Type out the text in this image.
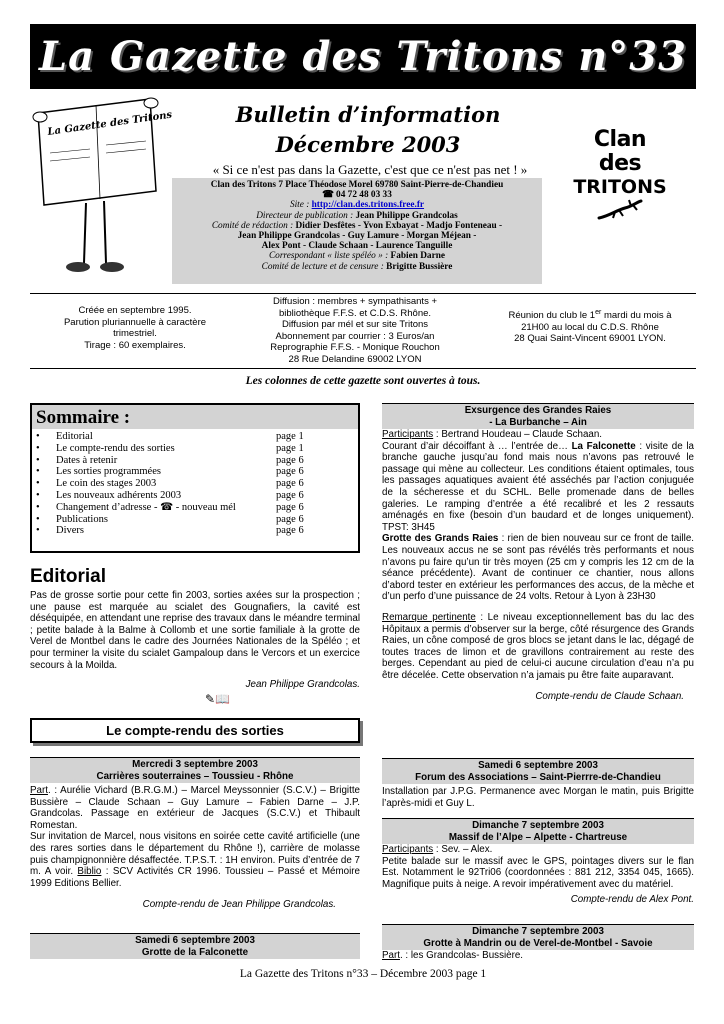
La Gazette des Tritons n°33
La Gazette des Tritons	Bulletin d’information
Décembre 2003
« Si ce n'est pas dans la Gazette, c'est que ce n'est pas net ! »
Clan des
TRITONS
Clan des Tritons 7 Place Théodose Morel 69780 Saint-Pierre-de-Chandieu
☎ 04 72 48 03 33
Site : http://clan.des.tritons.free.fr
Directeur de publication : Jean Philippe Grandcolas
Comité de rédaction : Didier Desfêtes - Yvon Exbayat - Madjo Fonteneau -
Jean Philippe Grandcolas - Guy Lamure - Morgan Méjean -
Alex Pont - Claude Schaan - Laurence Tanguille
Correspondant « liste spéléo » : Fabien Darne
Comité de lecture et de censure : Brigitte Bussière
Créée en septembre 1995.
Parution pluriannuelle à caractère
trimestriel.
Tirage : 60 exemplaires.
Diffusion : membres + sympathisants +
bibliothèque F.F.S. et C.D.S. Rhône.
Diffusion par mél et sur site Tritons
Abonnement par courrier : 3 Euros/an
Reprographie F.F.S. - Monique Rouchon
28 Rue Delandine 69002 LYON
Réunion du club le 1er mardi du mois à
21H00 au local du C.D.S. Rhône
28 Quai Saint-Vincent 69001 LYON.
Les colonnes de cette gazette sont ouvertes à tous.
Sommaire :
•	Editorial	page 1
•	Le compte-rendu des sorties	page 1
•	Dates à retenir	page 6
•	Les sorties programmées	page 6
•	Le coin des stages 2003	page 6
•	Les nouveaux adhérents 2003	page 6
•	Changement d’adresse - ☎ - nouveau mél	page 6
•	Publications	page 6
•	Divers	page 6
Editorial

Pas de grosse sortie pour cette fin 2003, sorties axées sur la prospection ; une pause est marquée au scialet des Gougnafiers, la cavité est déséquipée, en attendant une reprise des travaux dans le méandre terminal ; petite balade à la Balme à Collomb et une sortie familiale à la grotte de Verel de Montbel dans le cadre des Journées Nationales de la Spéléo ; et pour terminer la visite du scialet Gampaloup dans le Vercors et un exercice secours à la Moilda.

Jean Philippe Grandcolas.

✎📖
Le compte-rendu des sorties
Mercredi 3 septembre 2003
Carrières souterraines – Toussieu - Rhône

Part. : Aurélie Vichard (B.R.G.M.) – Marcel Meyssonnier (S.C.V.) – Brigitte Bussière – Claude Schaan – Guy Lamure – Fabien Darne – J.P. Grandcolas. Passage en extérieur de Jacques (S.C.V.) et Thibault Romestan.

Sur invitation de Marcel, nous visitons en soirée cette cavité artificielle (une des rares sorties dans le département du Rhône !), carrière de molasse puis champignonnière désaffectée. T.P.S.T. : 1H environ. Puits d’entrée de 7 m. A voir. Biblio : SCV Activités CR 1996. Toussieu – Passé et Mémoire 1999 Editions Bellier.

Compte-rendu de Jean Philippe Grandcolas.

Samedi 6 septembre 2003
Grotte de la Falconette
Exsurgence des Grandes Raies
- La Burbanche – Ain

Participants : Bertrand Houdeau – Claude Schaan.

Courant d’air décoiffant à … l’entrée de… La Falconette : visite de la branche gauche jusqu’au fond mais nous n’avons pas retrouvé le passage qui mène au collecteur. Les conditions étaient optimales, tous les passages aquatiques avaient été asséchés par l’action conjuguée de la sécheresse et du SCHL. Belle promenade dans de belles galeries. Le ramping d’entrée a été recalibré et les 2 ressauts aménagés en fixe (besoin d’un baudard et de longes uniquement). TPST: 3H45

Grotte des Grands Raies : rien de bien nouveau sur ce front de taille. Les nouveaux accus ne se sont pas révélés très performants et nous n’avons pu faire qu’un tir très moyen (25 cm y compris les 12 cm de la séance précédente). Avant de continuer ce chantier, nous allons d’abord tester en extérieur les performances des accus, de la mèche et d’un perfo d’une puissance de 24 volts. Retour à Lyon à 23H30

Remarque pertinente : Le niveau exceptionnellement bas du lac des Hôpitaux a permis d’observer sur la berge, côté résurgence des Grands Raies, un cône composé de gros blocs se jetant dans le lac, dégagé de toutes traces de limon et de gravillons contrairement au reste des berges. Cependant au pied de celui-ci aucune circulation d’eau n’a pu être décelée. Cette observation n’a jamais pu être faite auparavant.

Compte-rendu de Claude Schaan.

Samedi 6 septembre 2003
Forum des Associations – Saint-Pierrre-de-Chandieu

Installation par J.P.G. Permanence avec Morgan le matin, puis Brigitte l’après-midi et Guy L.

Dimanche 7 septembre 2003
Massif de l’Alpe – Alpette - Chartreuse

Participants : Sev. – Alex.

Petite balade sur le massif avec le GPS, pointages divers sur le flan Est. Notamment le 92Tri06 (coordonnées : 881 212, 3354 045, 1665). Magnifique puits à neige. A revoir impérativement avec du matériel.

Compte-rendu de Alex Pont.

Dimanche 7 septembre 2003
Grotte à Mandrin ou de Verel-de-Montbel - Savoie

Part. : les Grandcolas- Bussière.

La Gazette des Tritons n°33 – Décembre 2003 page 1
